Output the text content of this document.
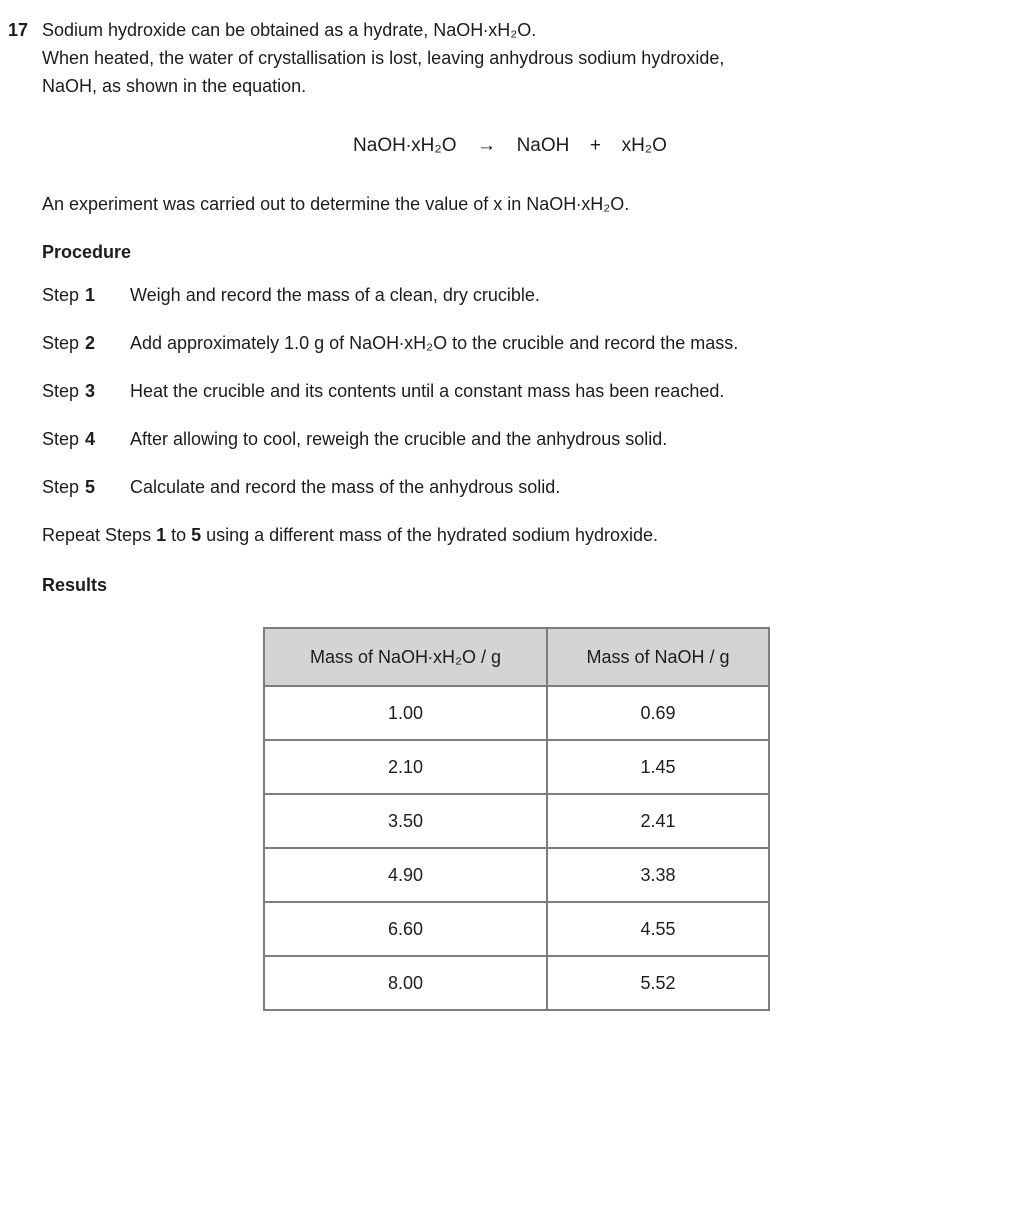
17 Sodium hydroxide can be obtained as a hydrate, NaOH∙xH₂O.
When heated, the water of crystallisation is lost, leaving anhydrous sodium hydroxide,
NaOH, as shown in the equation.
NaOH∙xH₂O  →  NaOH  +  xH₂O
An experiment was carried out to determine the value of x in NaOH∙xH₂O.
Procedure
Step 1	Weigh and record the mass of a clean, dry crucible.
Step 2	Add approximately 1.0 g of NaOH∙xH₂O to the crucible and record the mass.
Step 3	Heat the crucible and its contents until a constant mass has been reached.
Step 4	After allowing to cool, reweigh the crucible and the anhydrous solid.
Step 5	Calculate and record the mass of the anhydrous solid.
Repeat Steps 1 to 5 using a different mass of the hydrated sodium hydroxide.
Results
Mass of NaOH∙xH₂O / g	Mass of NaOH / g
1.00	0.69
2.10	1.45
3.50	2.41
4.90	3.38
6.60	4.55
8.00	5.52
